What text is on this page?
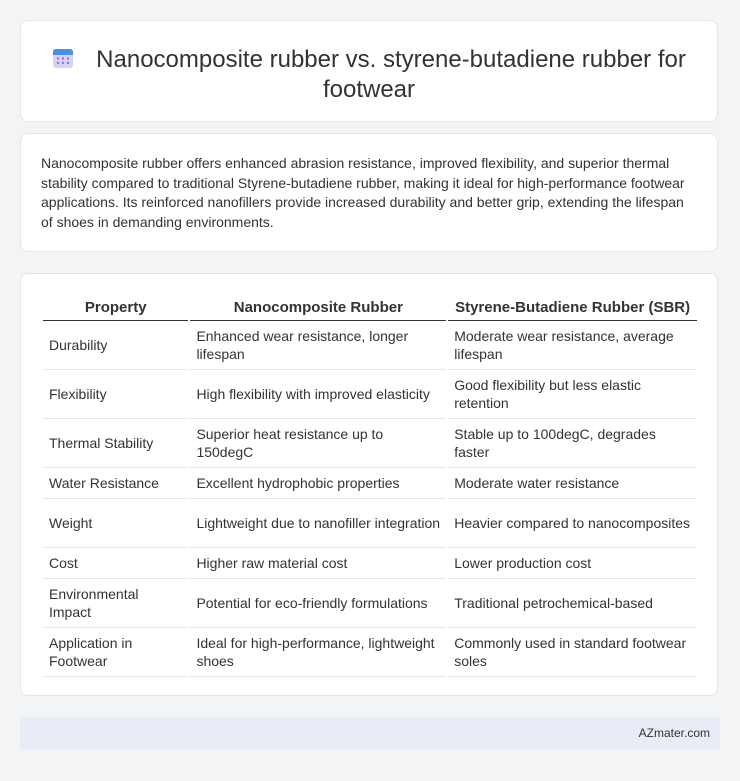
Nanocomposite rubber vs. styrene-butadiene rubber for footwear

Nanocomposite rubber offers enhanced abrasion resistance, improved flexibility, and superior thermal stability compared to traditional Styrene-butadiene rubber, making it ideal for high-performance footwear applications. Its reinforced nanofillers provide increased durability and better grip, extending the lifespan of shoes in demanding environments.

Property	Nanocomposite Rubber	Styrene-Butadiene Rubber (SBR)
Durability	Enhanced wear resistance, longer lifespan	Moderate wear resistance, average lifespan
Flexibility	High flexibility with improved elasticity	Good flexibility but less elastic retention
Thermal Stability	Superior heat resistance up to 150degC	Stable up to 100degC, degrades faster
Water Resistance	Excellent hydrophobic properties	Moderate water resistance
Weight	Lightweight due to nanofiller integration	Heavier compared to nanocomposites
Cost	Higher raw material cost	Lower production cost
Environmental Impact	Potential for eco-friendly formulations	Traditional petrochemical-based
Application in Footwear	Ideal for high-performance, lightweight shoes	Commonly used in standard footwear soles
AZmater.com
